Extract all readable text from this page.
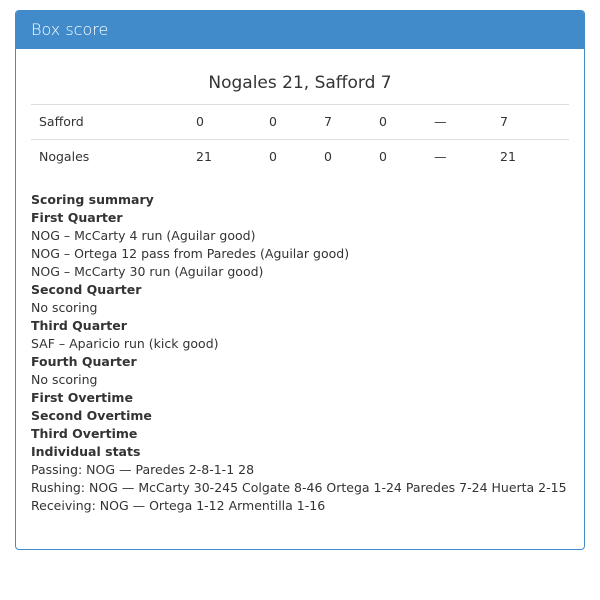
Box score
Nogales 21, Safford 7
Safford	0	0	7	0	—	7
Nogales	21	0	0	0	—	21
Scoring summary
First Quarter
NOG – McCarty 4 run (Aguilar good)
NOG – Ortega 12 pass from Paredes (Aguilar good)
NOG – McCarty 30 run (Aguilar good)
Second Quarter
No scoring
Third Quarter
SAF – Aparicio run (kick good)
Fourth Quarter
No scoring
First Overtime
Second Overtime
Third Overtime
Individual stats
Passing: NOG — Paredes 2-8-1-1 28
Rushing: NOG — McCarty 30-245 Colgate 8-46 Ortega 1-24 Paredes 7-24 Huerta 2-15
Receiving: NOG — Ortega 1-12 Armentilla 1-16
